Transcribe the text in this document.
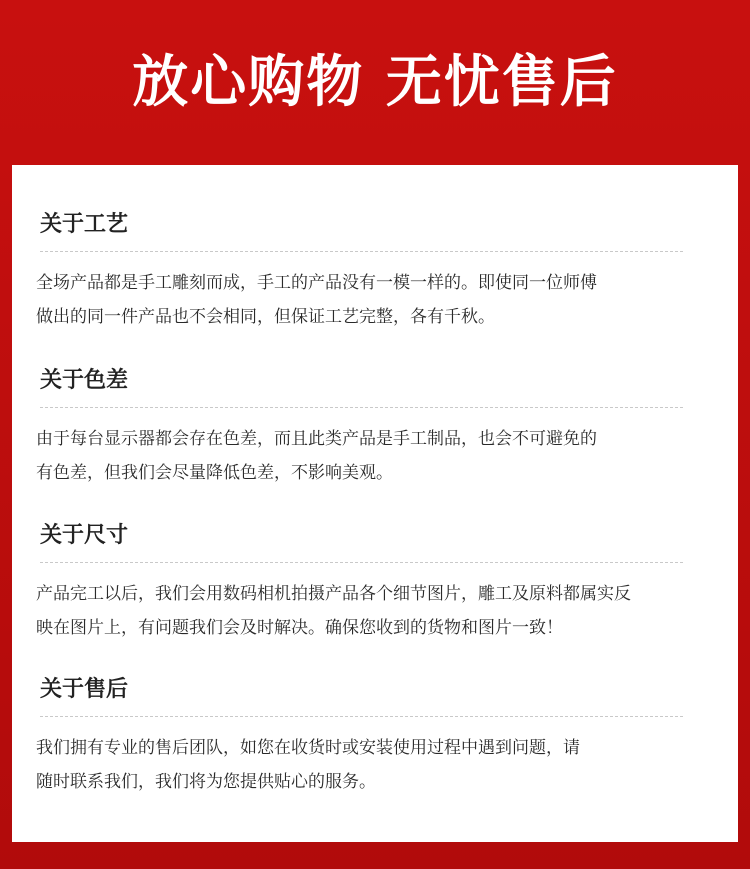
放心购物 无忧售后
关于工艺
全场产品都是手工雕刻而成，手工的产品没有一模一样的。即使同一位师傅
做出的同一件产品也不会相同，但保证工艺完整，各有千秋。
关于色差
由于每台显示器都会存在色差，而且此类产品是手工制品，也会不可避免的
有色差，但我们会尽量降低色差，不影响美观。
关于尺寸
产品完工以后，我们会用数码相机拍摄产品各个细节图片，雕工及原料都属实反
映在图片上，有问题我们会及时解决。确保您收到的货物和图片一致！
关于售后
我们拥有专业的售后团队，如您在收货时或安装使用过程中遇到问题，请
随时联系我们，我们将为您提供贴心的服务。
